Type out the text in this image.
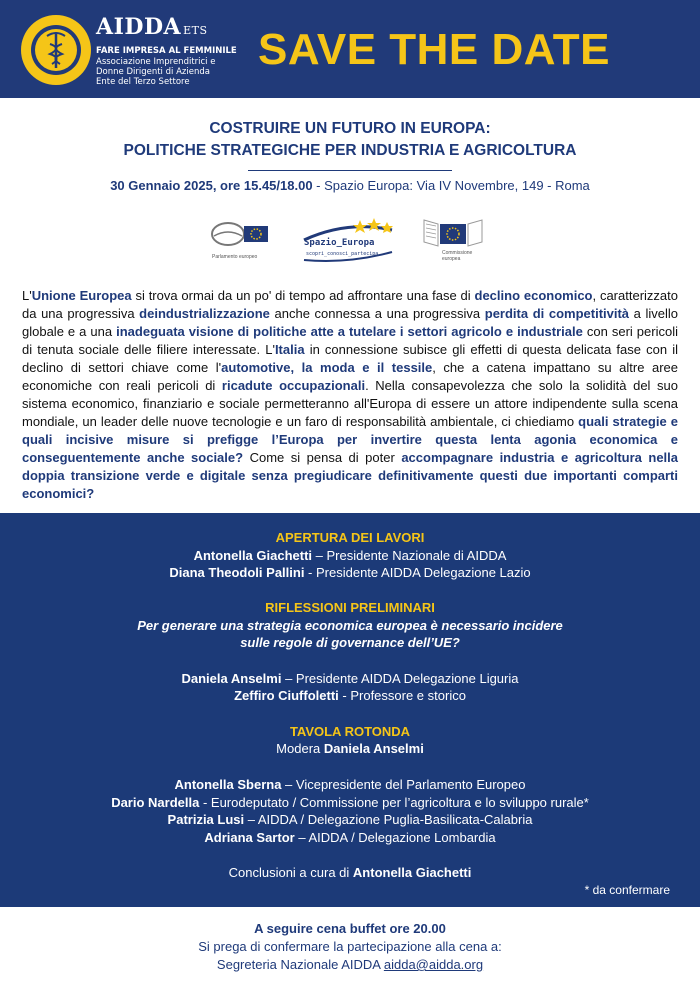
AIDDA ETS
FARE IMPRESA AL FEMMINILE
Associazione Imprenditrici e
Donne Dirigenti di Azienda
Ente del Terzo Settore
SAVE THE DATE
COSTRUIRE UN FUTURO IN EUROPA:
POLITICHE STRATEGICHE PER INDUSTRIA E AGRICOLTURA
30 Gennaio 2025, ore 15.45/18.00 - Spazio Europa: Via IV Novembre, 149 - Roma
Parlamento europeo
Spazio_Europa
scopri_conosci_partecipa	Commissione
europea
L'Unione Europea si trova ormai da un po' di tempo ad affrontare una fase di declino economico, caratterizzato da una progressiva deindustrializzazione anche connessa a una progressiva perdita di competitività a livello globale e a una inadeguata visione di politiche atte a tutelare i settori agricolo e industriale con seri pericoli di tenuta sociale delle filiere interessate. L'Italia in connessione subisce gli effetti di questa delicata fase con il declino di settori chiave come l'automotive, la moda e il tessile, che a catena impattano su altre aree economiche con reali pericoli di ricadute occupazionali. Nella consapevolezza che solo la solidità del suo sistema economico, finanziario e sociale permetteranno all'Europa di essere un attore indipendente sulla scena mondiale, un leader delle nuove tecnologie e un faro di responsabilità ambientale, ci chiediamo quali strategie e quali incisive misure si prefigge l’Europa per invertire questa lenta agonia economica e conseguentemente anche sociale? Come si pensa di poter accompagnare industria e agricoltura nella doppia transizione verde e digitale senza pregiudicare definitivamente questi due importanti comparti economici?
APERTURA DEI LAVORI
Antonella Giachetti – Presidente Nazionale di AIDDA
Diana Theodoli Pallini - Presidente AIDDA Delegazione Lazio
RIFLESSIONI PRELIMINARI
Per generare una strategia economica europea è necessario incidere
sulle regole di governance dell’UE?
Daniela Anselmi – Presidente AIDDA Delegazione Liguria
Zeffiro Ciuffoletti - Professore e storico
TAVOLA ROTONDA
Modera Daniela Anselmi
Antonella Sberna – Vicepresidente del Parlamento Europeo
Dario Nardella - Eurodeputato / Commissione per l’agricoltura e lo sviluppo rurale*
Patrizia Lusi – AIDDA / Delegazione Puglia-Basilicata-Calabria
Adriana Sartor – AIDDA / Delegazione Lombardia
Conclusioni a cura di Antonella Giachetti
* da confermare
A seguire cena buffet ore 20.00
Si prega di confermare la partecipazione alla cena a:
Segreteria Nazionale AIDDA aidda@aidda.org
